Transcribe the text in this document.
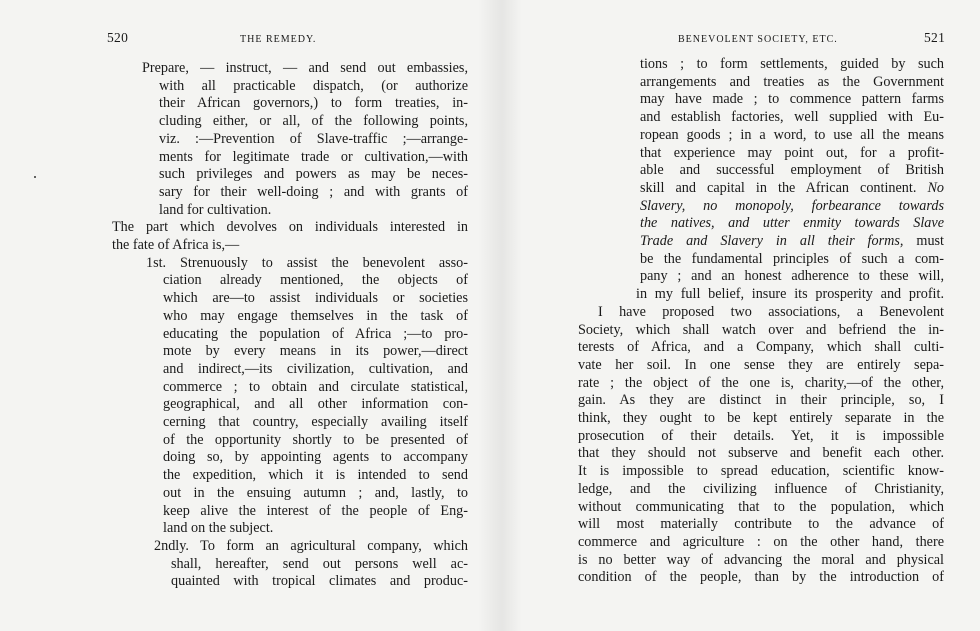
520	THE REMEDY.
Prepare, — instruct, — and send out embassies,
with all practicable dispatch, (or authorize
their African governors,) to form treaties, in-
cluding either, or all, of the following points,
viz. :—Prevention of Slave-traffic ;—arrange-
ments for legitimate trade or cultivation,—with
such privileges and powers as may be neces-
sary for their well-doing ; and with grants of
land for cultivation.
The part which devolves on individuals interested in
the fate of Africa is,—
1st. Strenuously to assist the benevolent asso-
ciation already mentioned, the objects of
which are—to assist individuals or societies
who may engage themselves in the task of
educating the population of Africa ;—to pro-
mote by every means in its power,—direct
and indirect,—its civilization, cultivation, and
commerce ; to obtain and circulate statistical,
geographical, and all other information con-
cerning that country, especially availing itself
of the opportunity shortly to be presented of
doing so, by appointing agents to accompany
the expedition, which it is intended to send
out in the ensuing autumn ; and, lastly, to
keep alive the interest of the people of Eng-
land on the subject.
2ndly. To form an agricultural company, which
shall, hereafter, send out persons well ac-
quainted with tropical climates and produc-
BENEVOLENT SOCIETY, ETC.	521
tions ; to form settlements, guided by such
arrangements and treaties as the Government
may have made ; to commence pattern farms
and establish factories, well supplied with Eu-
ropean goods ; in a word, to use all the means
that experience may point out, for a profit-
able and successful employment of British
skill and capital in the African continent. No
Slavery, no monopoly, forbearance towards
the natives, and utter enmity towards Slave
Trade and Slavery in all their forms, must
be the fundamental principles of such a com-
pany ; and an honest adherence to these will,
in my full belief, insure its prosperity and profit.
I have proposed two associations, a Benevolent
Society, which shall watch over and befriend the in-
terests of Africa, and a Company, which shall culti-
vate her soil. In one sense they are entirely sepa-
rate ; the object of the one is, charity,—of the other,
gain. As they are distinct in their principle, so, I
think, they ought to be kept entirely separate in the
prosecution of their details. Yet, it is impossible
that they should not subserve and benefit each other.
It is impossible to spread education, scientific know-
ledge, and the civilizing influence of Christianity,
without communicating that to the population, which
will most materially contribute to the advance of
commerce and agriculture : on the other hand, there
is no better way of advancing the moral and physical
condition of the people, than by the introduction of
